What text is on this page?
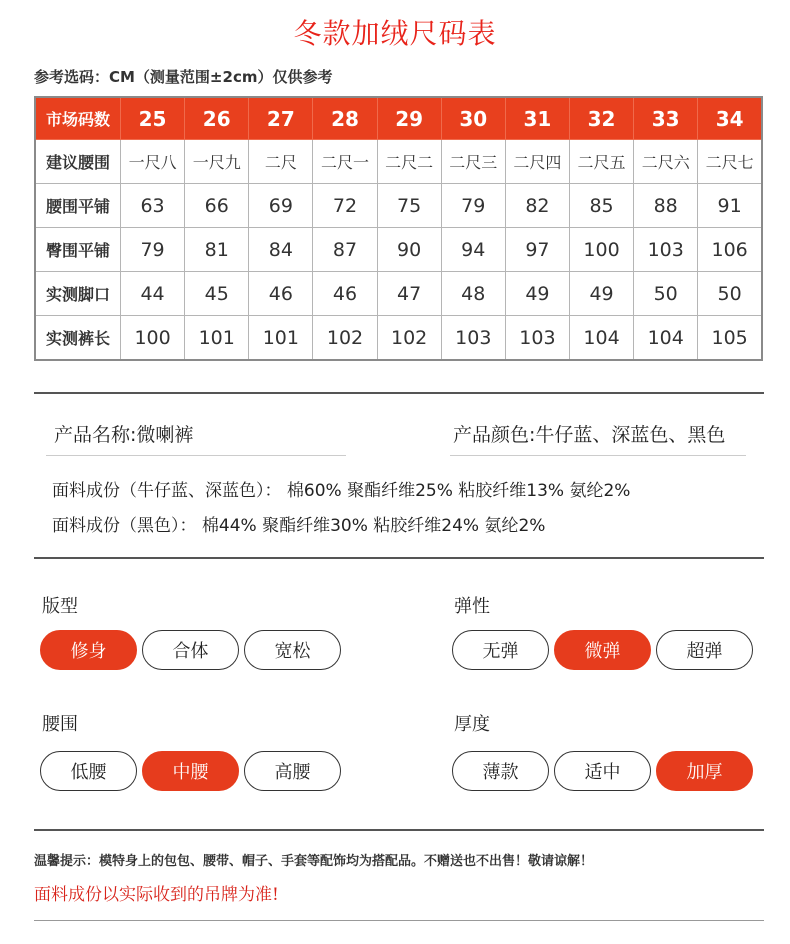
冬款加绒尺码表
参考选码：CM（测量范围±2cm）仅供参考
市场码数	25	26	27	28	29	30	31	32	33	34
建议腰围	一尺八	一尺九	二尺	二尺一	二尺二	二尺三	二尺四	二尺五	二尺六	二尺七
腰围平铺	63	66	69	72	75	79	82	85	88	91
臀围平铺	79	81	84	87	90	94	97	100	103	106
实测脚口	44	45	46	46	47	48	49	49	50	50
实测裤长	100	101	101	102	102	103	103	104	104	105
产品名称:微喇裤	产品颜色:牛仔蓝、深蓝色、黑色
面料成份（牛仔蓝、深蓝色）： 棉60% 聚酯纤维25% 粘胶纤维13% 氨纶2%
面料成份（黑色）： 棉44% 聚酯纤维30% 粘胶纤维24% 氨纶2%
版型
修身	合体	宽松
弹性
无弹	微弹	超弹
腰围
低腰	中腰	高腰
厚度
薄款	适中	加厚
温馨提示：模特身上的包包、腰带、帽子、手套等配饰均为搭配品。不赠送也不出售！敬请谅解！
面料成份以实际收到的吊牌为准!
